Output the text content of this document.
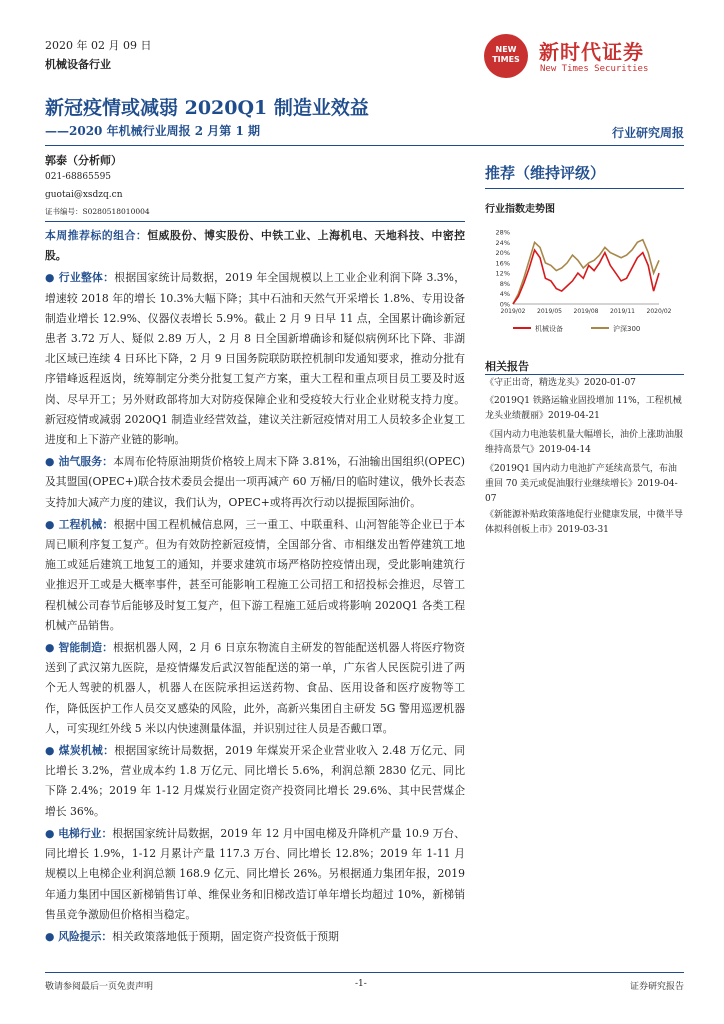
2020 年 02 月 09 日
机械设备行业
NEW TIMES 新时代证券
New Times Securities
新冠疫情或减弱 2020Q1 制造业效益
——2020 年机械行业周报 2 月第 1 期	行业研究周报
郭泰（分析师）
021-68865595
guotai@xsdzq.cn
证书编号：S0280518010004

本周推荐标的组合：恒威股份、博实股份、中铁工业、上海机电、天地科技、中密控股。

● 行业整体：根据国家统计局数据，2019 年全国规模以上工业企业利润下降 3.3%，增速较 2018 年的增长 10.3%大幅下降；其中石油和天然气开采增长 1.8%、专用设备制造业增长 12.9%、仪器仪表增长 5.9%。截止 2 月 9 日早 11 点，全国累计确诊新冠患者 3.72 万人、疑似 2.89 万人，2 月 8 日全国新增确诊和疑似病例环比下降、非湖北区域已连续 4 日环比下降，2 月 9 日国务院联防联控机制印发通知要求，推动分批有序错峰返程返岗，统筹制定分类分批复工复产方案，重大工程和重点项目员工要及时返岗、尽早开工；另外财政部将加大对防疫保障企业和受疫较大行业企业财税支持力度。新冠疫情或减弱 2020Q1 制造业经营效益，建议关注新冠疫情对用工人员较多企业复工进度和上下游产业链的影响。

● 油气服务：本周布伦特原油期货价格较上周末下降 3.81%，石油输出国组织(OPEC)及其盟国(OPEC+)联合技术委员会提出一项再减产 60 万桶/日的临时建议，俄外长表态支持加大减产力度的建议，我们认为，OPEC+或将再次行动以提振国际油价。

● 工程机械：根据中国工程机械信息网，三一重工、中联重科、山河智能等企业已于本周已顺利序复工复产。但为有效防控新冠疫情，全国部分省、市相继发出暂停建筑工地施工或延后建筑工地复工的通知，并要求建筑市场严格防控疫情出现，受此影响建筑行业推迟开工或是大概率事件，甚至可能影响工程施工公司招工和招投标会推迟，尽管工程机械公司春节后能够及时复工复产，但下游工程施工延后或将影响 2020Q1 各类工程机械产品销售。

● 智能制造：根据机器人网，2 月 6 日京东物流自主研发的智能配送机器人将医疗物资送到了武汉第九医院，是疫情爆发后武汉智能配送的第一单，广东省人民医院引进了两个无人驾驶的机器人，机器人在医院承担运送药物、食品、医用设备和医疗废物等工作，降低医护工作人员交叉感染的风险，此外，高新兴集团自主研发 5G 警用巡逻机器人，可实现红外线 5 米以内快速测量体温，并识别过往人员是否戴口罩。

● 煤炭机械：根据国家统计局数据，2019 年煤炭开采企业营业收入 2.48 万亿元、同比增长 3.2%，营业成本约 1.8 万亿元、同比增长 5.6%，利润总额 2830 亿元、同比下降 2.4%；2019 年 1-12 月煤炭行业固定资产投资同比增长 29.6%、其中民营煤企增长 36%。

● 电梯行业：根据国家统计局数据，2019 年 12 月中国电梯及升降机产量 10.9 万台、同比增长 1.9%，1-12 月累计产量 117.3 万台、同比增长 12.8%；2019 年 1-11 月规模以上电梯企业利润总额 168.9 亿元、同比增长 26%。另根据通力集团年报，2019 年通力集团中国区新梯销售订单、维保业务和旧梯改造订单年增长均超过 10%，新梯销售虽竞争激励但价格相当稳定。

● 风险提示：相关政策落地低于预期，固定资产投资低于预期

推荐（维持评级）
行业指数走势图
28%
24%
20%
16%
12%
8%
4%
0%
2019/02 2019/05 2019/08 2019/11 2020/02
机械设备	沪深300
相关报告
《守正出奇，精选龙头》2020-01-07
《2019Q1 铁路运输业固投增加 11%，工程机械龙头业绩靓丽》2019-04-21
《国内动力电池装机量大幅增长，油价上涨助油服维持高景气》2019-04-14
《2019Q1 国内动力电池扩产延续高景气，布油重回 70 美元或促油服行业继续增长》2019-04-07
《新能源补贴政策落地促行业健康发展，中微半导体拟科创板上市》2019-03-31
敬请参阅最后一页免责声明	-1-	证券研究报告
